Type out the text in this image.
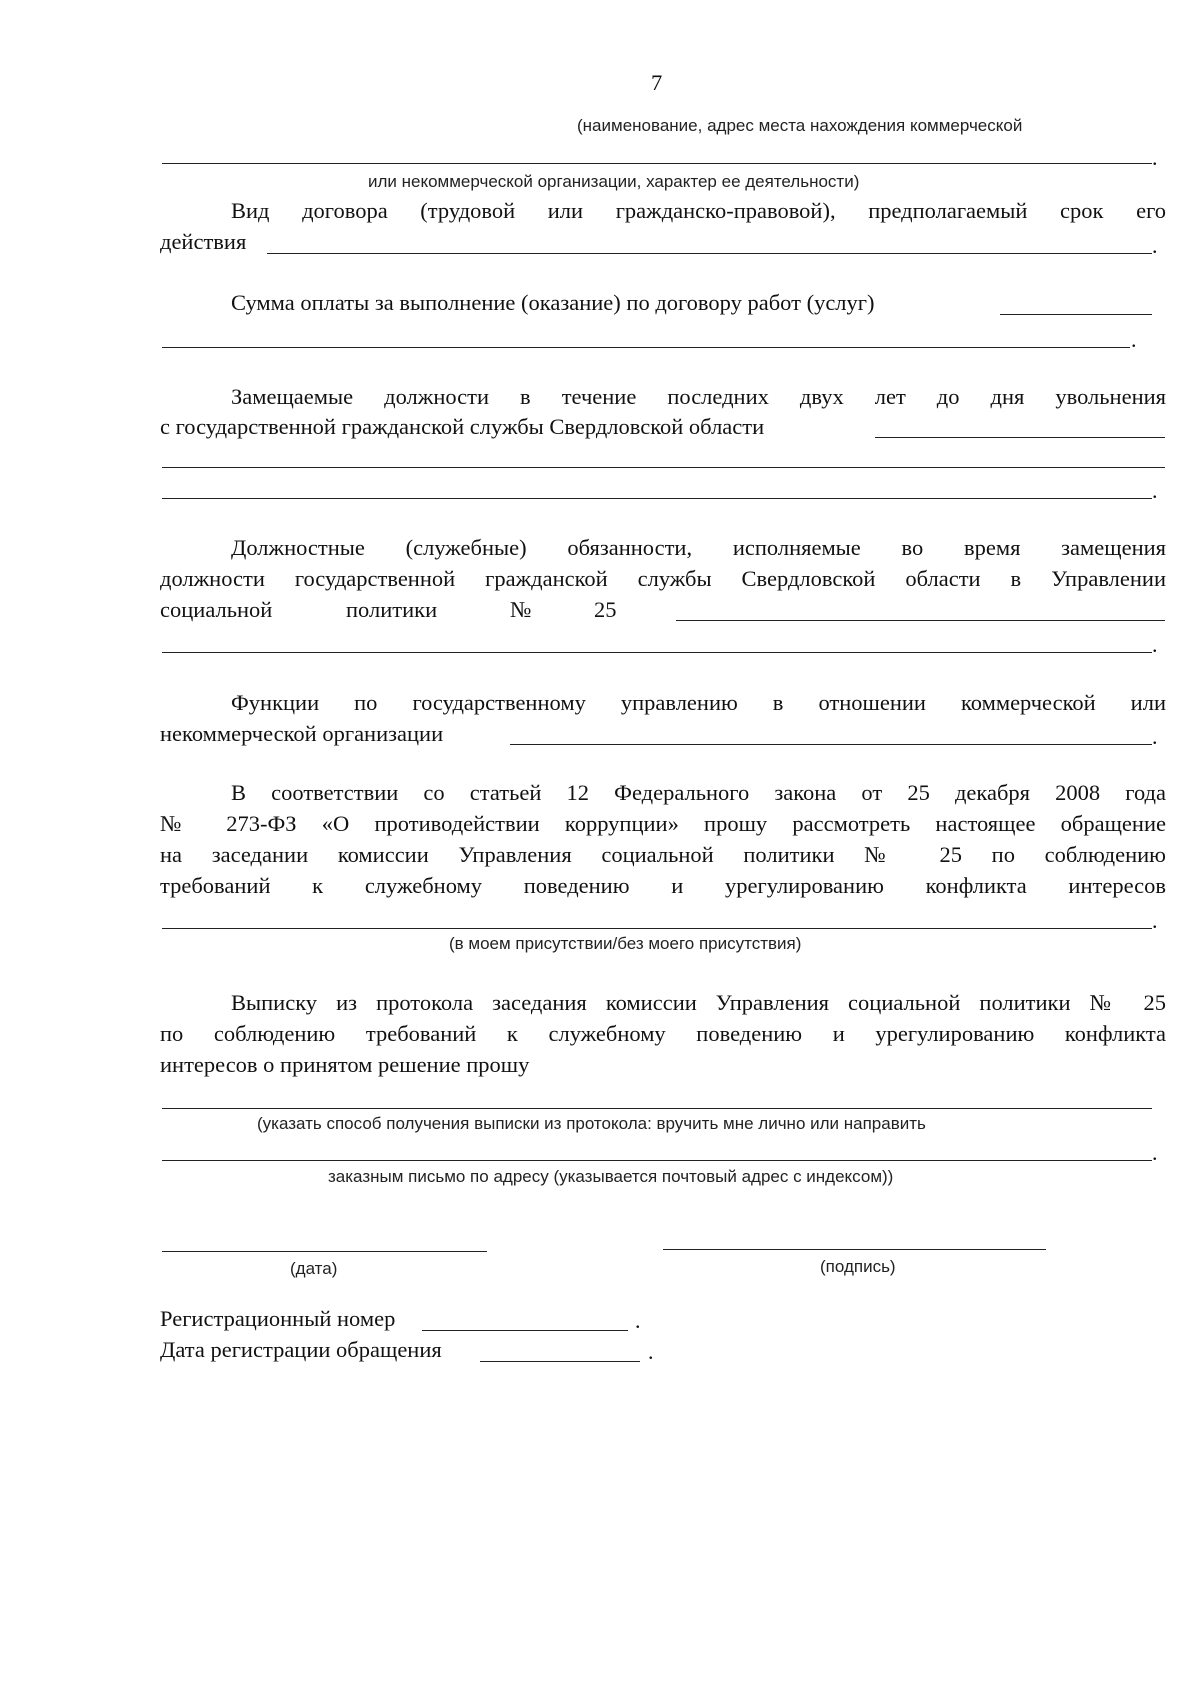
7
(наименование, адрес места нахождения коммерческой
.
или некоммерческой организации, характер ее деятельности)
Вид договора (трудовой или гражданско-правовой), предполагаемый срок его
действия	.
Сумма оплаты за выполнение (оказание) по договору работ (услуг)
.
Замещаемые должности в течение последних двух лет до дня увольнения
с государственной гражданской службы Свердловской области
.
Должностные (служебные) обязанности, исполняемые во время замещения
должности государственной гражданской службы Свердловской области в Управлении
социальной	политики	№	25
.
Функции по государственному управлению в отношении коммерческой или
некоммерческой организации	.
В соответствии со статьей 12 Федерального закона от 25 декабря 2008 года
№ 273-ФЗ «О противодействии коррупции» прошу рассмотреть настоящее обращение
на заседании комиссии Управления социальной политики № 25 по соблюдению
требований к служебному поведению и урегулированию конфликта интересов
.
(в моем присутствии/без моего присутствия)
Выписку из протокола заседания комиссии Управления социальной политики № 25
по соблюдению требований к служебному поведению и урегулированию конфликта
интересов о принятом решение прошу
(указать способ получения выписки из протокола: вручить мне лично или направить
.
заказным письмо по адресу (указывается почтовый адрес с индексом))
(дата)	(подпись)
Регистрационный номер	.
Дата регистрации обращения	.
